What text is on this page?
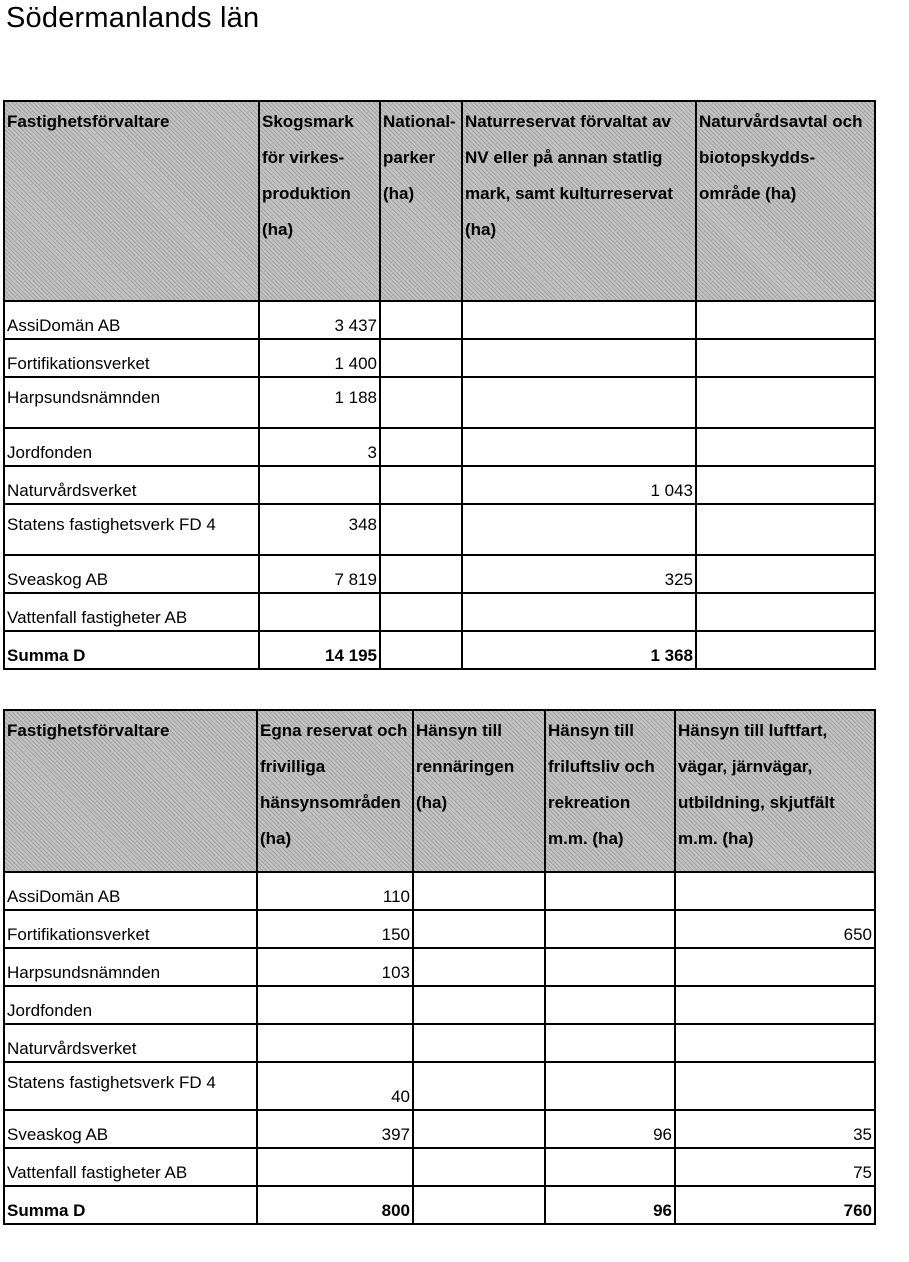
Södermanlands län
Fastighetsförvaltare	Skogsmark för virkes-produktion (ha)	National-parker (ha)	Naturreservat förvaltat av NV eller på annan statlig mark, samt kulturreservat (ha)	Naturvårdsavtal och biotopskydds-område (ha)
AssiDomän AB	3 437			
Fortifikationsverket	1 400			
Harpsundsnämnden	1 188			
Jordfonden	3			
Naturvårdsverket			1 043	
Statens fastighetsverk FD 4	348			
Sveaskog AB	7 819		325	
Vattenfall fastigheter AB				
Summa D	14 195		1 368	
Fastighetsförvaltare	Egna reservat och frivilliga hänsynsområden (ha)	Hänsyn till rennäringen (ha)	Hänsyn till friluftsliv och rekreation m.m. (ha)	Hänsyn till luftfart, vägar, järnvägar, utbildning, skjutfält m.m. (ha)
AssiDomän AB	110			
Fortifikationsverket	150			650
Harpsundsnämnden	103			
Jordfonden				
Naturvårdsverket				
Statens fastighetsverk FD 4	40			
Sveaskog AB	397		96	35
Vattenfall fastigheter AB				75
Summa D	800		96	760
